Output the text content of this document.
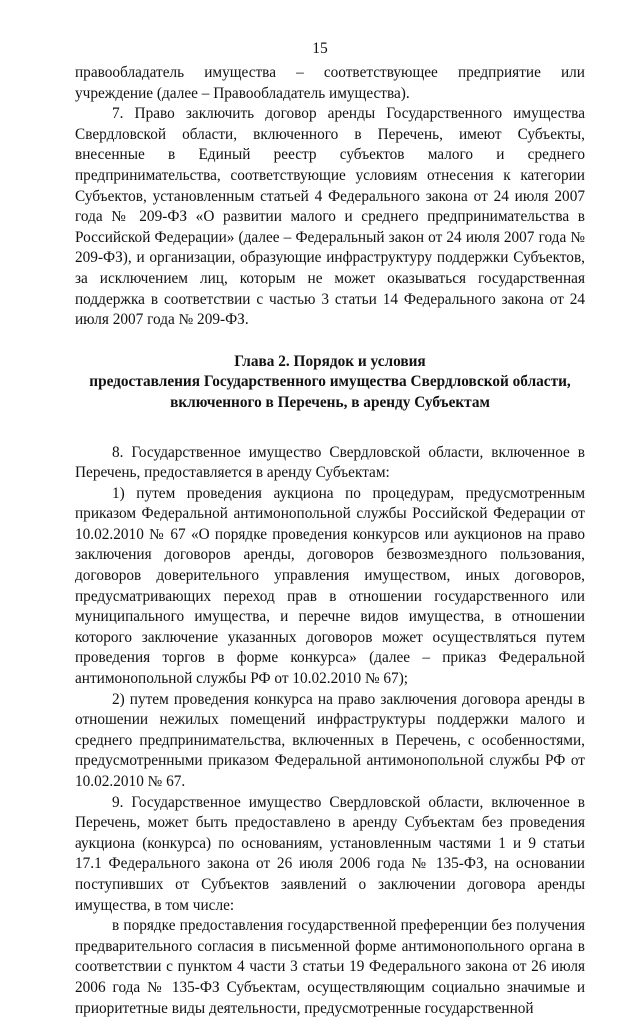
15

правообладатель имущества – соответствующее предприятие или учреждение (далее – Правообладатель имущества).

7. Право заключить договор аренды Государственного имущества Свердловской области, включенного в Перечень, имеют Субъекты, внесенные в Единый реестр субъектов малого и среднего предпринимательства, соответствующие условиям отнесения к категории Субъектов, установленным статьей 4 Федерального закона от 24 июля 2007 года № 209-ФЗ «О развитии малого и среднего предпринимательства в Российской Федерации» (далее – Федеральный закон от 24 июля 2007 года № 209-ФЗ), и организации, образующие инфраструктуру поддержки Субъектов, за исключением лиц, которым не может оказываться государственная поддержка в соответствии с частью 3 статьи 14 Федерального закона от 24 июля 2007 года № 209-ФЗ.

Глава 2. Порядок и условия
предоставления Государственного имущества Свердловской области,
включенного в Перечень, в аренду Субъектам

8. Государственное имущество Свердловской области, включенное в Перечень, предоставляется в аренду Субъектам:

1) путем проведения аукциона по процедурам, предусмотренным приказом Федеральной антимонопольной службы Российской Федерации от 10.02.2010 № 67 «О порядке проведения конкурсов или аукционов на право заключения договоров аренды, договоров безвозмездного пользования, договоров доверительного управления имуществом, иных договоров, предусматривающих переход прав в отношении государственного или муниципального имущества, и перечне видов имущества, в отношении которого заключение указанных договоров может осуществляться путем проведения торгов в форме конкурса» (далее – приказ Федеральной антимонопольной службы РФ от 10.02.2010 № 67);

2) путем проведения конкурса на право заключения договора аренды в отношении нежилых помещений инфраструктуры поддержки малого и среднего предпринимательства, включенных в Перечень, с особенностями, предусмотренными приказом Федеральной антимонопольной службы РФ от 10.02.2010 № 67.

9. Государственное имущество Свердловской области, включенное в Перечень, может быть предоставлено в аренду Субъектам без проведения аукциона (конкурса) по основаниям, установленным частями 1 и 9 статьи 17.1 Федерального закона от 26 июля 2006 года № 135-ФЗ, на основании поступивших от Субъектов заявлений о заключении договора аренды имущества, в том числе:

в порядке предоставления государственной преференции без получения предварительного согласия в письменной форме антимонопольного органа в соответствии с пунктом 4 части 3 статьи 19 Федерального закона от 26 июля 2006 года № 135-ФЗ Субъектам, осуществляющим социально значимые и приоритетные виды деятельности, предусмотренные государственной
